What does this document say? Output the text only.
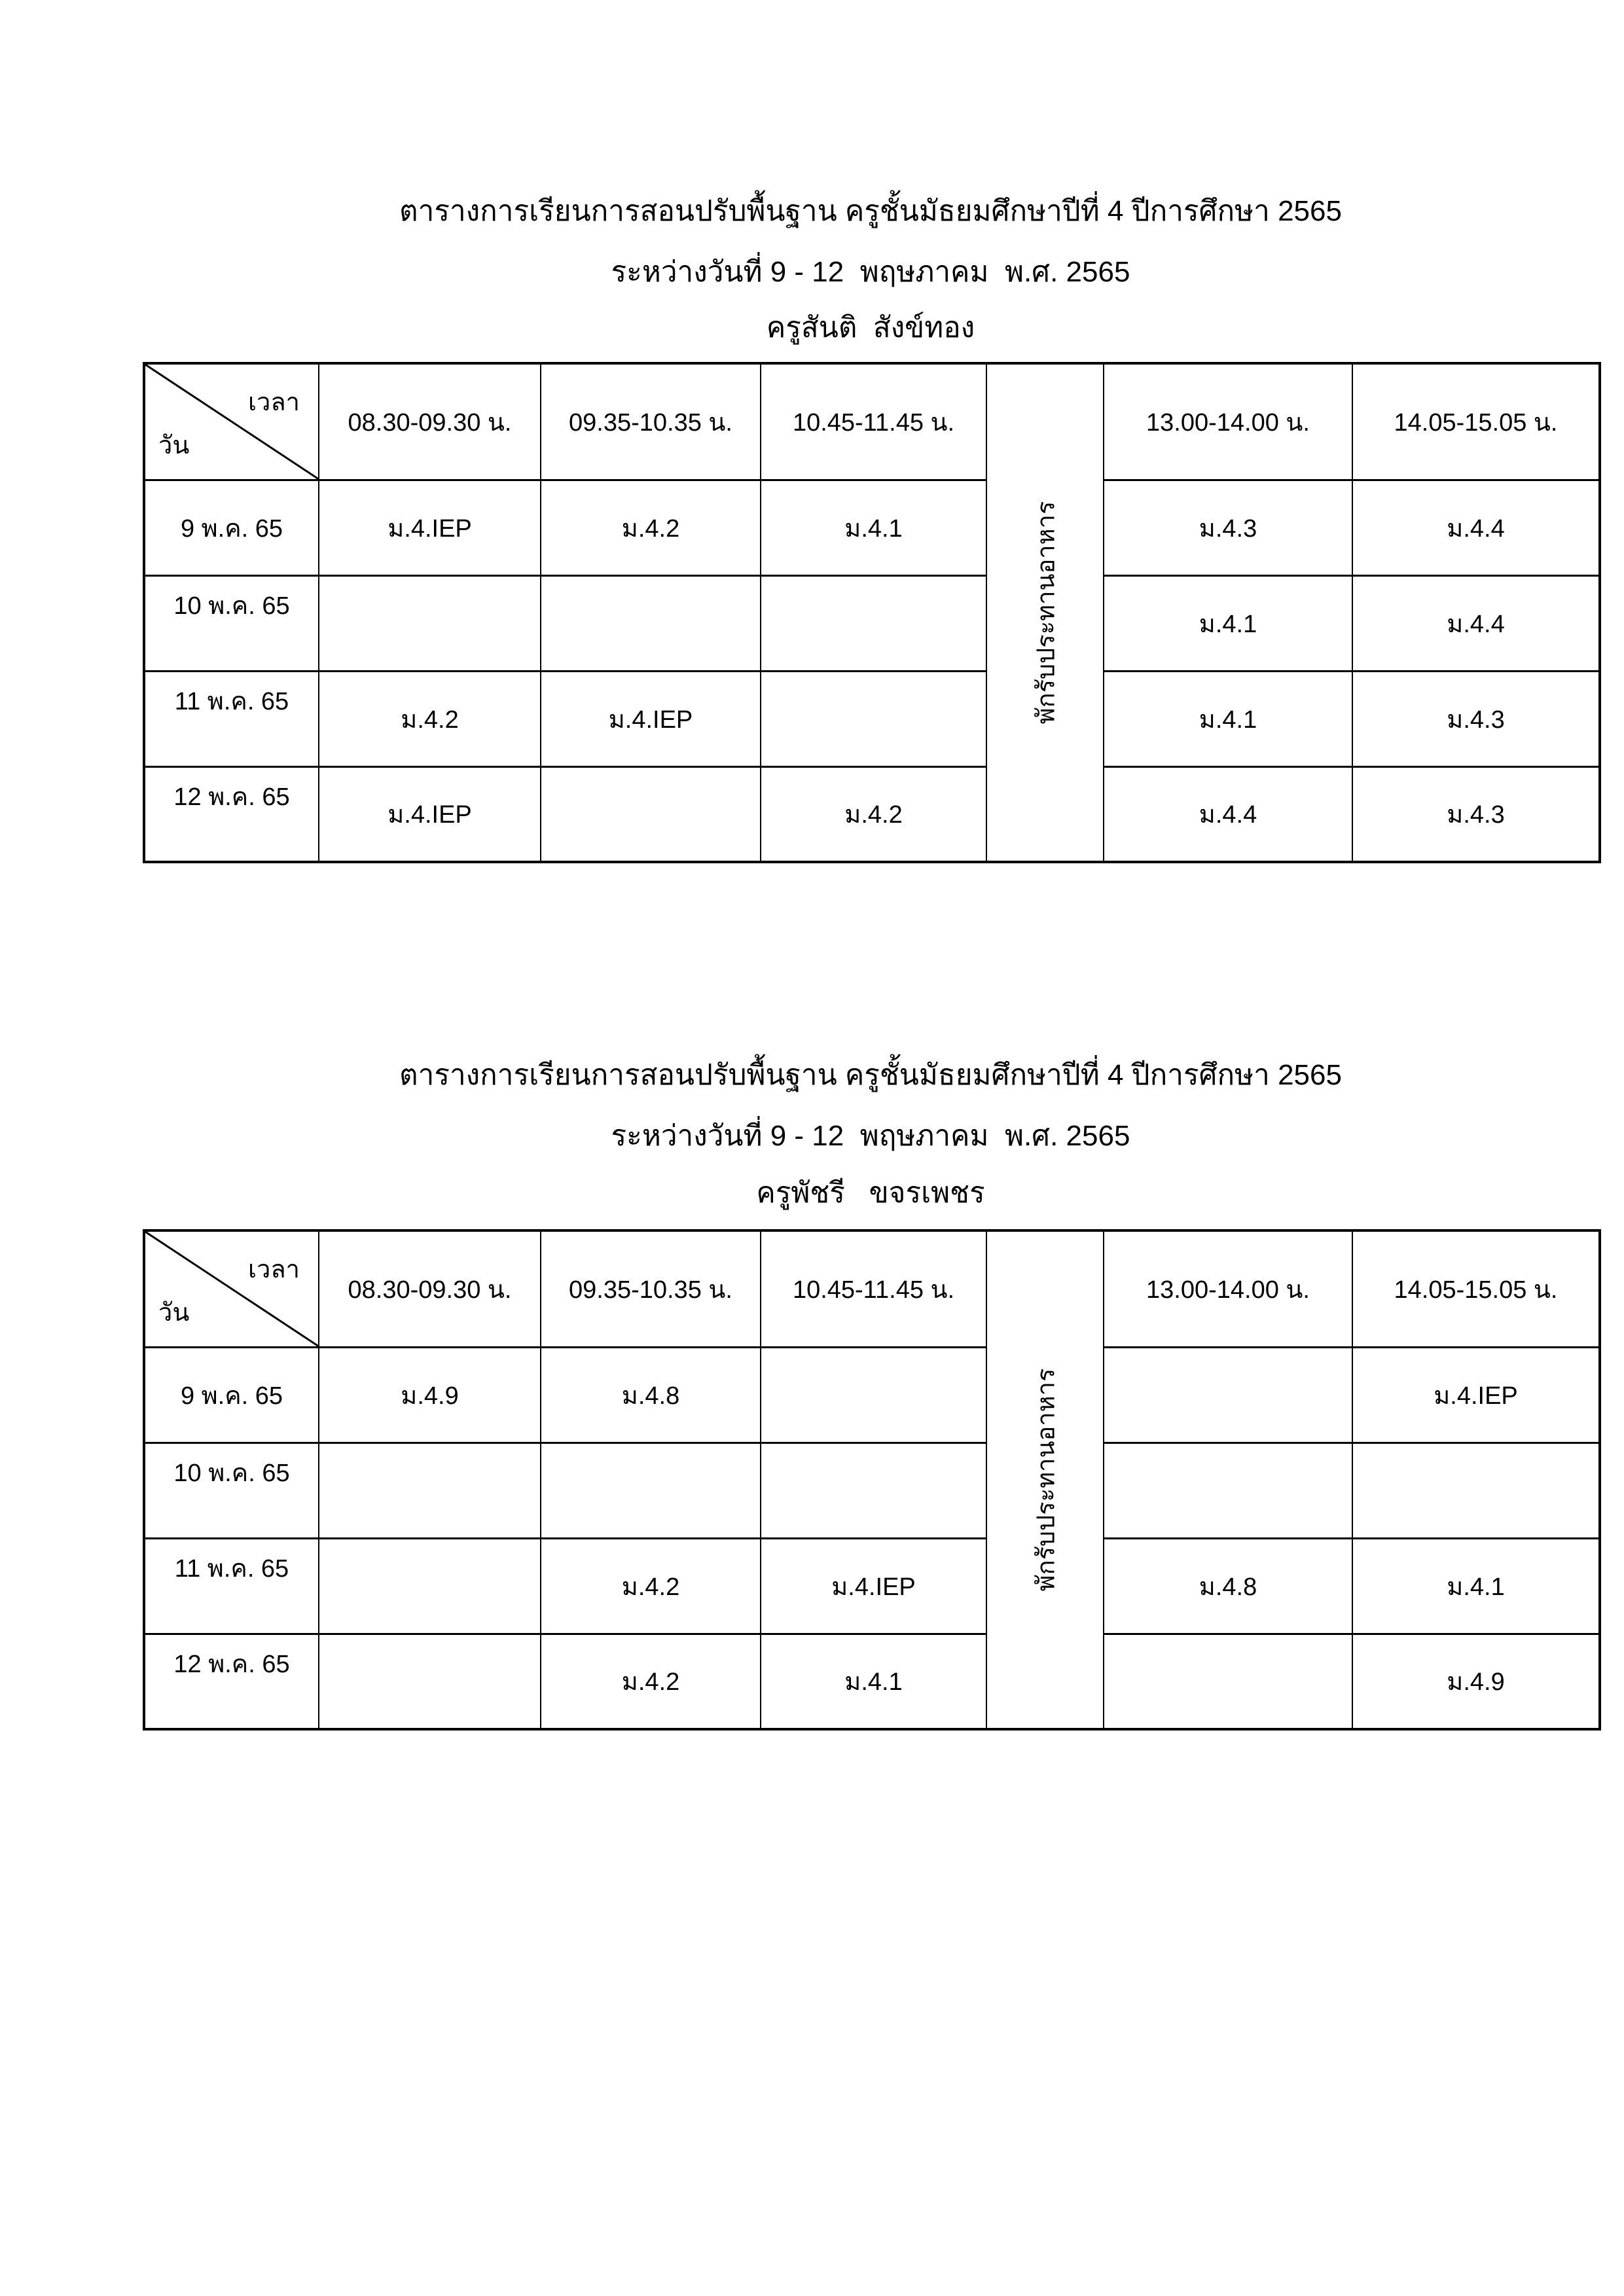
ตารางการเรียนการสอนปรับพื้นฐาน ครูชั้นมัธยมศึกษาปีที่ 4 ปีการศึกษา 2565
ระหว่างวันที่ 9 - 12  พฤษภาคม  พ.ศ. 2565
ครูสันติ  สังข์ทอง
เวลา
วัน	08.30-09.30 น.	09.35-10.35 น.	10.45-11.45 น.	พักรับประทานอาหาร	13.00-14.00 น.	14.05-15.05 น.
9 พ.ค. 65	ม.4.IEP	ม.4.2	ม.4.1		ม.4.3	ม.4.4
10 พ.ค. 65					ม.4.1	ม.4.4
11 พ.ค. 65	ม.4.2	ม.4.IEP			ม.4.1	ม.4.3
12 พ.ค. 65	ม.4.IEP		ม.4.2		ม.4.4	ม.4.3
ตารางการเรียนการสอนปรับพื้นฐาน ครูชั้นมัธยมศึกษาปีที่ 4 ปีการศึกษา 2565
ระหว่างวันที่ 9 - 12  พฤษภาคม  พ.ศ. 2565
ครูพัชรี   ขจรเพชร
เวลา
วัน	08.30-09.30 น.	09.35-10.35 น.	10.45-11.45 น.	พักรับประทานอาหาร	13.00-14.00 น.	14.05-15.05 น.
9 พ.ค. 65	ม.4.9	ม.4.8				ม.4.IEP
10 พ.ค. 65						
11 พ.ค. 65		ม.4.2	ม.4.IEP		ม.4.8	ม.4.1
12 พ.ค. 65		ม.4.2	ม.4.1			ม.4.9
